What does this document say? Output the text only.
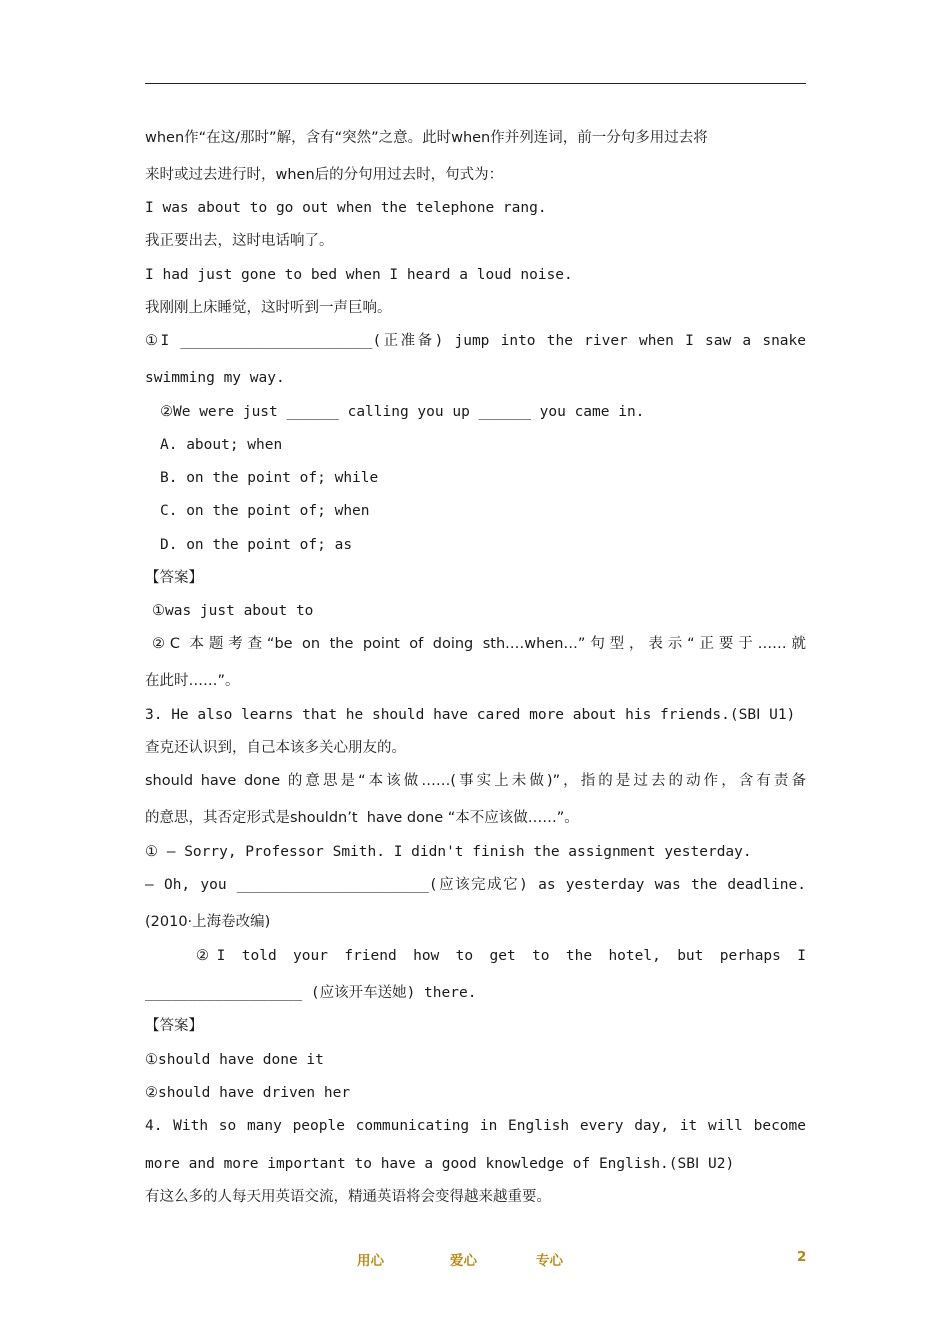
when作“在这/那时”解，含有“突然”之意。此时when作并列连词，前一分句多用过去将
来时或过去进行时，when后的分句用过去时，句式为：
I was about to go out when the telephone rang.
我正要出去，这时电话响了。
I had just gone to bed when I heard a loud noise.
我刚刚上床睡觉，这时听到一声巨响。
①I ______________________(正准备) jump into the river when I saw a snake
swimming my way.
②We were just ______ calling you up ______ you came in.
A. about; when
B. on the point of; while
C. on the point of; when
D. on the point of; as
【答案】
①was just about to
②C 本题考查“be on the point of doing sth.…when…”句型，表示“正要于……就
在此时……”。
3. He also learns that he should have cared more about his friends.(SBⅠ U1)
查克还认识到，自己本该多关心朋友的。
should have done 的意思是“本该做……(事实上未做)”，指的是过去的动作，含有责备
的意思，其否定形式是shouldn’t  have done “本不应该做……”。
① — Sorry, Professor Smith. I didn't finish the assignment yesterday.
— Oh, you ______________________(应该完成它) as yesterday was the deadline.
(2010·上海卷改编)
②I told your friend how to get to the hotel, but perhaps I
__________________ (应该开车送她) there.
【答案】
①should have done it
②should have driven her
4. With so many people communicating in English every day, it will become
more and more important to have a good knowledge of English.(SBⅠ U2)
有这么多的人每天用英语交流，精通英语将会变得越来越重要。
用心	爱心	专心	2
